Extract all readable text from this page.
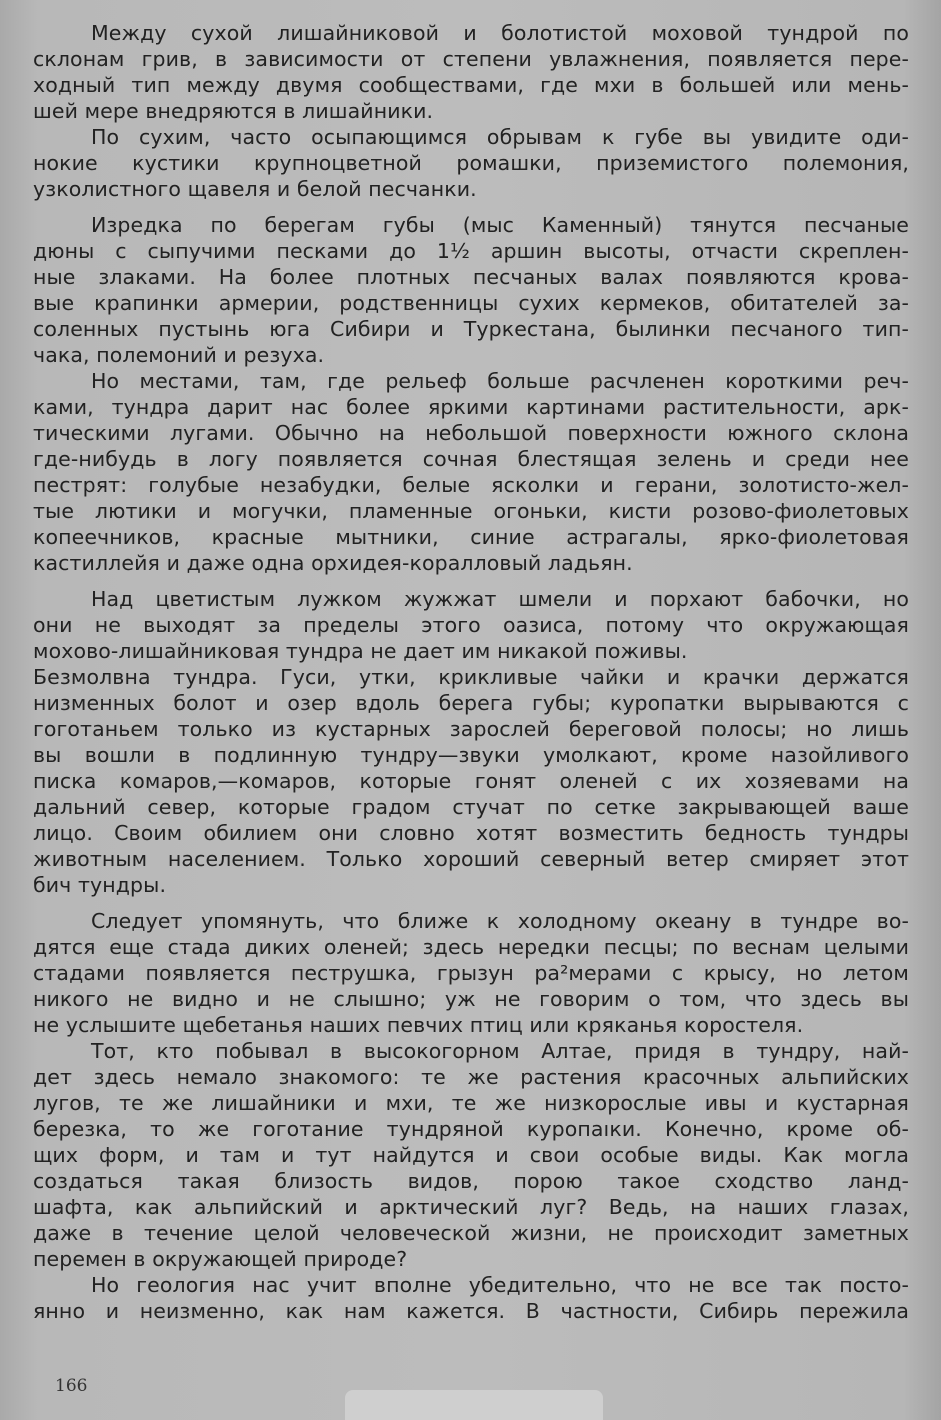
Между сухой лишайниковой и болотистой моховой тундрой по
склонам грив, в зависимости от степени увлажнения, появляется пере-
ходный тип между двумя сообществами, где мхи в большей или мень-
шей мере внедряются в лишайники.
По сухим, часто осыпающимся обрывам к губе вы увидите оди-
нокие кустики крупноцветной ромашки, приземистого полемония,
узколистного щавеля и белой песчанки.
Изредка по берегам губы (мыс Каменный) тянутся песчаные
дюны с сыпучими песками до 1½ аршин высоты, отчасти скреплен-
ные злаками. На более плотных песчаных валах появляются крова-
вые крапинки армерии, родственницы сухих кермеков, обитателей за-
соленных пустынь юга Сибири и Туркестана, былинки песчаного тип-
чака, полемоний и резуха.
Но местами, там, где рельеф больше расчленен короткими реч-
ками, тундра дарит нас более яркими картинами растительности, арк-
тическими лугами. Обычно на небольшой поверхности южного склона
где-нибудь в логу появляется сочная блестящая зелень и среди нее
пестрят: голубые незабудки, белые ясколки и герани, золотисто-жел-
тые лютики и могучки, пламенные огоньки, кисти розово-фиолетовых
копеечников, красные мытники, синие астрагалы, ярко-фиолетовая
кастиллейя и даже одна орхидея-коралловый ладьян.
Над цветистым лужком жужжат шмели и порхают бабочки, но
они не выходят за пределы этого оазиса, потому что окружающая
мохово-лишайниковая тундра не дает им никакой поживы.
Безмолвна тундра. Гуси, утки, крикливые чайки и крачки держатся
низменных болот и озер вдоль берега губы; куропатки вырываются с
гоготаньем только из кустарных зарослей береговой полосы; но лишь
вы вошли в подлинную тундру—звуки умолкают, кроме назойливого
писка комаров,—комаров, которые гонят оленей с их хозяевами на
дальний север, которые градом стучат по сетке закрывающей ваше
лицо. Своим обилием они словно хотят возместить бедность тундры
животным населением. Только хороший северный ветер смиряет этот
бич тундры.
Следует упомянуть, что ближе к холодному океану в тундре во-
дятся еще стада диких оленей; здесь нередки песцы; по веснам целыми
стадами появляется пеструшка, грызун ра²мерами с крысу, но летом
никого не видно и не слышно; уж не говорим о том, что здесь вы
не услышите щебетанья наших певчих птиц или кряканья коростеля.
Тот, кто побывал в высокогорном Алтае, придя в тундру, най-
дет здесь немало знакомого: те же растения красочных альпийских
лугов, те же лишайники и мхи, те же низкорослые ивы и кустарная
березка, то же гоготание тундряной куропаıки. Конечно, кроме об-
щих форм, и там и тут найдутся и свои особые виды. Как могла
создаться такая близость видов, порою такое сходство ланд-
шафта, как альпийский и арктический луг? Ведь, на наших глазах,
даже в течение целой человеческой жизни, не происходит заметных
перемен в окружающей природе?
Но геология нас учит вполне убедительно, что не все так посто-
янно и неизменно, как нам кажется. В частности, Сибирь пережила
166
